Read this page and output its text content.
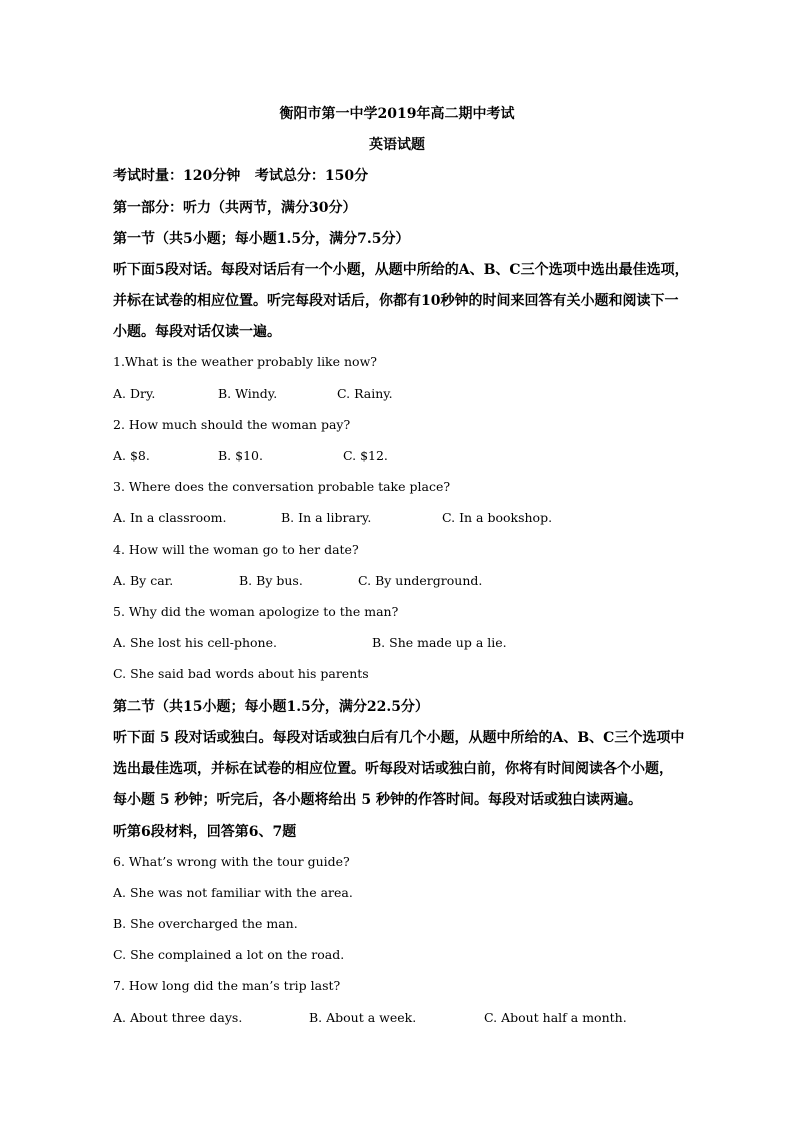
衡阳市第一中学2019年高二期中考试
英语试题
考试时量：120分钟   考试总分：150分
第一部分：听力（共两节，满分30分）
第一节（共5小题；每小题1.5分，满分7.5分）
听下面5段对话。每段对话后有一个小题，从题中所给的A、B、C三个选项中选出最佳选项，
并标在试卷的相应位置。听完每段对话后，你都有10秒钟的时间来回答有关小题和阅读下一
小题。每段对话仅读一遍。
1.What is the weather probably like now?
A. Dry.	B. Windy.	C. Rainy.
2. How much should the woman pay?
A. $8.	B. $10.	C. $12.
3. Where does the conversation probable take place?
A. In a classroom.	B. In a library.	C. In a bookshop.
4. How will the woman go to her date?
A. By car.	B. By bus.	C. By underground.
5. Why did the woman apologize to the man?
A. She lost his cell-phone.	B. She made up a lie.
C. She said bad words about his parents
第二节（共15小题；每小题1.5分，满分22.5分）
听下面 5 段对话或独白。每段对话或独白后有几个小题，从题中所给的A、B、C三个选项中
选出最佳选项，并标在试卷的相应位置。听每段对话或独白前，你将有时间阅读各个小题，
每小题 5 秒钟；听完后，各小题将给出 5 秒钟的作答时间。每段对话或独白读两遍。
听第6段材料，回答第6、7题
6. What’s wrong with the tour guide?
A. She was not familiar with the area.
B. She overcharged the man.
C. She complained a lot on the road.
7. How long did the man’s trip last?
A. About three days.	B. About a week.	C. About half a month.
